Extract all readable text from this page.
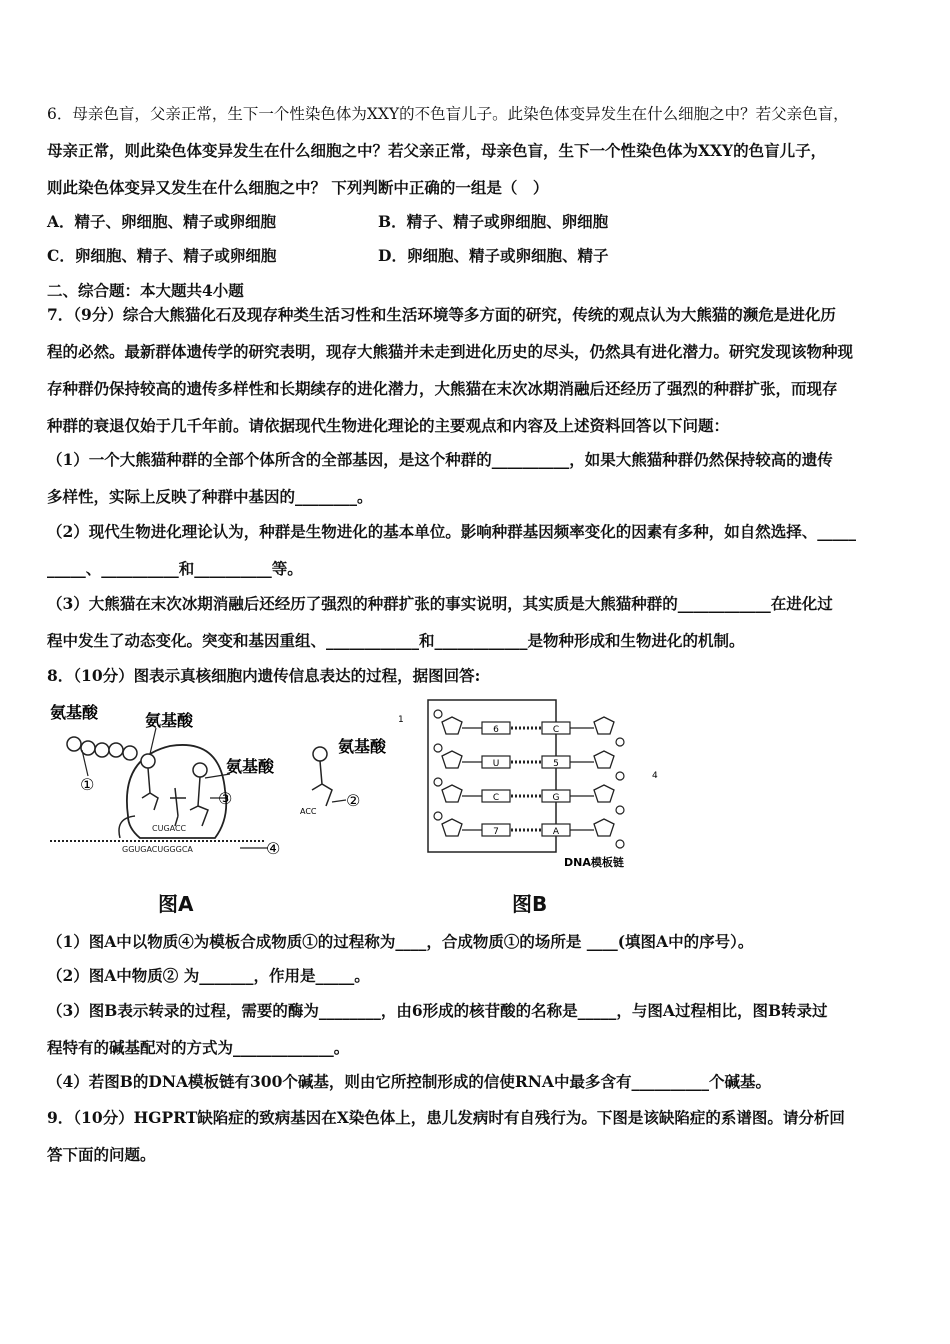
6．母亲色盲，父亲正常，生下一个性染色体为XXY的不色盲儿子。此染色体变异发生在什么细胞之中？若父亲色盲，
母亲正常，则此染色体变异发生在什么细胞之中？若父亲正常，母亲色盲，生下一个性染色体为XXY的色盲儿子，
则此染色体变异又发生在什么细胞之中？ 下列判断中正确的一组是（　）
A．精子、卵细胞、精子或卵细胞	B．精子、精子或卵细胞、卵细胞
C．卵细胞、精子、精子或卵细胞	D．卵细胞、精子或卵细胞、精子
二、综合题：本大题共4小题
7．（9分）综合大熊猫化石及现存种类生活习性和生活环境等多方面的研究，传统的观点认为大熊猫的濒危是进化历
程的必然。最新群体遗传学的研究表明，现存大熊猫并未走到进化历史的尽头，仍然具有进化潜力。研究发现该物种现
存种群仍保持较高的遗传多样性和长期续存的进化潜力，大熊猫在末次冰期消融后还经历了强烈的种群扩张，而现存
种群的衰退仅始于几千年前。请依据现代生物进化理论的主要观点和内容及上述资料回答以下问题：
（1）一个大熊猫种群的全部个体所含的全部基因，是这个种群的__________，如果大熊猫种群仍然保持较高的遗传
多样性，实际上反映了种群中基因的________。
（2）现代生物进化理论认为，种群是生物进化的基本单位。影响种群基因频率变化的因素有多种，如自然选择、_____
_____、__________和__________等。
（3）大熊猫在末次冰期消融后还经历了强烈的种群扩张的事实说明，其实质是大熊猫种群的____________在进化过
程中发生了动态变化。突变和基因重组、____________和____________是物种形成和生物进化的机制。
8．（10分）图表示真核细胞内遗传信息表达的过程，据图回答:
CUGACC
GGUGACUGGGCA
氨基酸	氨基酸
氨基酸
①
③
④
氨基酸
②
ACC
6	C
U	5
C	G
7	A
1
4
DNA模板链
图A	图B
（1）图A中以物质④为模板合成物质①的过程称为____，合成物质①的场所是 ____(填图A中的序号）。
（2）图A中物质② 为_______，作用是_____。
（3）图B表示转录的过程，需要的酶为________，由6形成的核苷酸的名称是_____，与图A过程相比，图B转录过
程特有的碱基配对的方式为_____________。
（4）若图B的DNA模板链有300个碱基，则由它所控制形成的信使RNA中最多含有__________个碱基。
9．（10分）HGPRT缺陷症的致病基因在X染色体上，患儿发病时有自残行为。下图是该缺陷症的系谱图。请分析回
答下面的问题。
